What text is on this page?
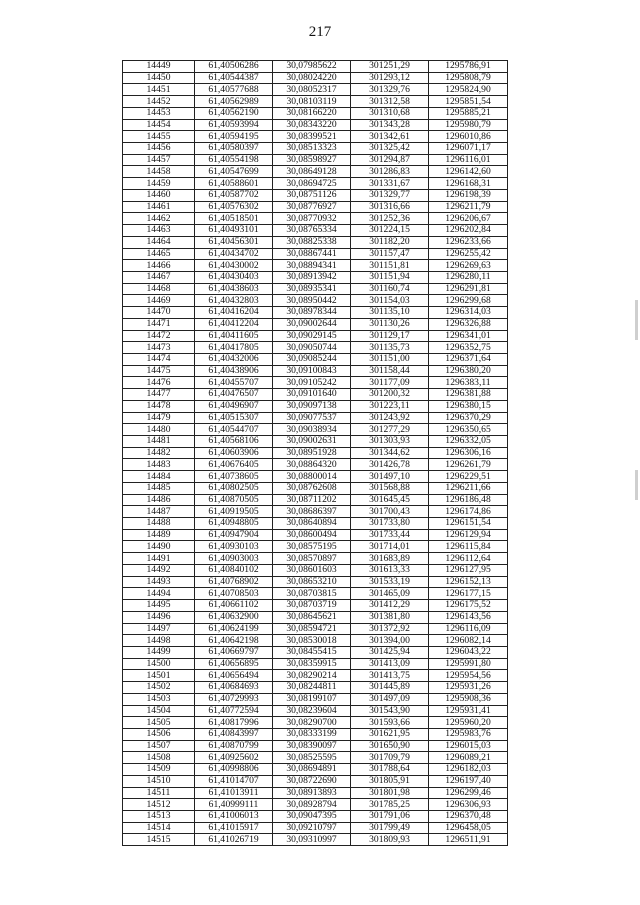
217
14449	61,40506286	30,07985622	301251,29	1295786,91
14450	61,40544387	30,08024220	301293,12	1295808,79
14451	61,40577688	30,08052317	301329,76	1295824,90
14452	61,40562989	30,08103119	301312,58	1295851,54
14453	61,40562190	30,08166220	301310,68	1295885,21
14454	61,40593994	30,08343220	301343,28	1295980,79
14455	61,40594195	30,08399521	301342,61	1296010,86
14456	61,40580397	30,08513323	301325,42	1296071,17
14457	61,40554198	30,08598927	301294,87	1296116,01
14458	61,40547699	30,08649128	301286,83	1296142,60
14459	61,40588601	30,08694725	301331,67	1296168,31
14460	61,40587702	30,08751126	301329,77	1296198,39
14461	61,40576302	30,08776927	301316,66	1296211,79
14462	61,40518501	30,08770932	301252,36	1296206,67
14463	61,40493101	30,08765334	301224,15	1296202,84
14464	61,40456301	30,08825338	301182,20	1296233,66
14465	61,40434702	30,08867441	301157,47	1296255,42
14466	61,40430002	30,08894341	301151,81	1296269,63
14467	61,40430403	30,08913942	301151,94	1296280,11
14468	61,40438603	30,08935341	301160,74	1296291,81
14469	61,40432803	30,08950442	301154,03	1296299,68
14470	61,40416204	30,08978344	301135,10	1296314,03
14471	61,40412204	30,09002644	301130,26	1296326,88
14472	61,40411605	30,09029145	301129,17	1296341,01
14473	61,40417805	30,09050744	301135,73	1296352,75
14474	61,40432006	30,09085244	301151,00	1296371,64
14475	61,40438906	30,09100843	301158,44	1296380,20
14476	61,40455707	30,09105242	301177,09	1296383,11
14477	61,40476507	30,09101640	301200,32	1296381,88
14478	61,40496907	30,09097138	301223,11	1296380,15
14479	61,40515307	30,09077537	301243,92	1296370,29
14480	61,40544707	30,09038934	301277,29	1296350,65
14481	61,40568106	30,09002631	301303,93	1296332,05
14482	61,40603906	30,08951928	301344,62	1296306,16
14483	61,40676405	30,08864320	301426,78	1296261,79
14484	61,40738605	30,08800014	301497,10	1296229,51
14485	61,40802505	30,08762608	301568,88	1296211,66
14486	61,40870505	30,08711202	301645,45	1296186,48
14487	61,40919505	30,08686397	301700,43	1296174,86
14488	61,40948805	30,08640894	301733,80	1296151,54
14489	61,40947904	30,08600494	301733,44	1296129,94
14490	61,40930103	30,08575195	301714,01	1296115,84
14491	61,40903003	30,08570897	301683,89	1296112,64
14492	61,40840102	30,08601603	301613,33	1296127,95
14493	61,40768902	30,08653210	301533,19	1296152,13
14494	61,40708503	30,08703815	301465,09	1296177,15
14495	61,40661102	30,08703719	301412,29	1296175,52
14496	61,40632900	30,08645621	301381,80	1296143,56
14497	61,40624199	30,08594721	301372,92	1296116,09
14498	61,40642198	30,08530018	301394,00	1296082,14
14499	61,40669797	30,08455415	301425,94	1296043,22
14500	61,40656895	30,08359915	301413,09	1295991,80
14501	61,40656494	30,08290214	301413,75	1295954,56
14502	61,40684693	30,08244811	301445,89	1295931,26
14503	61,40729993	30,08199107	301497,09	1295908,36
14504	61,40772594	30,08239604	301543,90	1295931,41
14505	61,40817996	30,08290700	301593,66	1295960,20
14506	61,40843997	30,08333199	301621,95	1295983,76
14507	61,40870799	30,08390097	301650,90	1296015,03
14508	61,40925602	30,08525595	301709,79	1296089,21
14509	61,40998806	30,08694891	301788,64	1296182,03
14510	61,41014707	30,08722690	301805,91	1296197,40
14511	61,41013911	30,08913893	301801,98	1296299,46
14512	61,40999111	30,08928794	301785,25	1296306,93
14513	61,41006013	30,09047395	301791,06	1296370,48
14514	61,41015917	30,09210797	301799,49	1296458,05
14515	61,41026719	30,09310997	301809,93	1296511,91
